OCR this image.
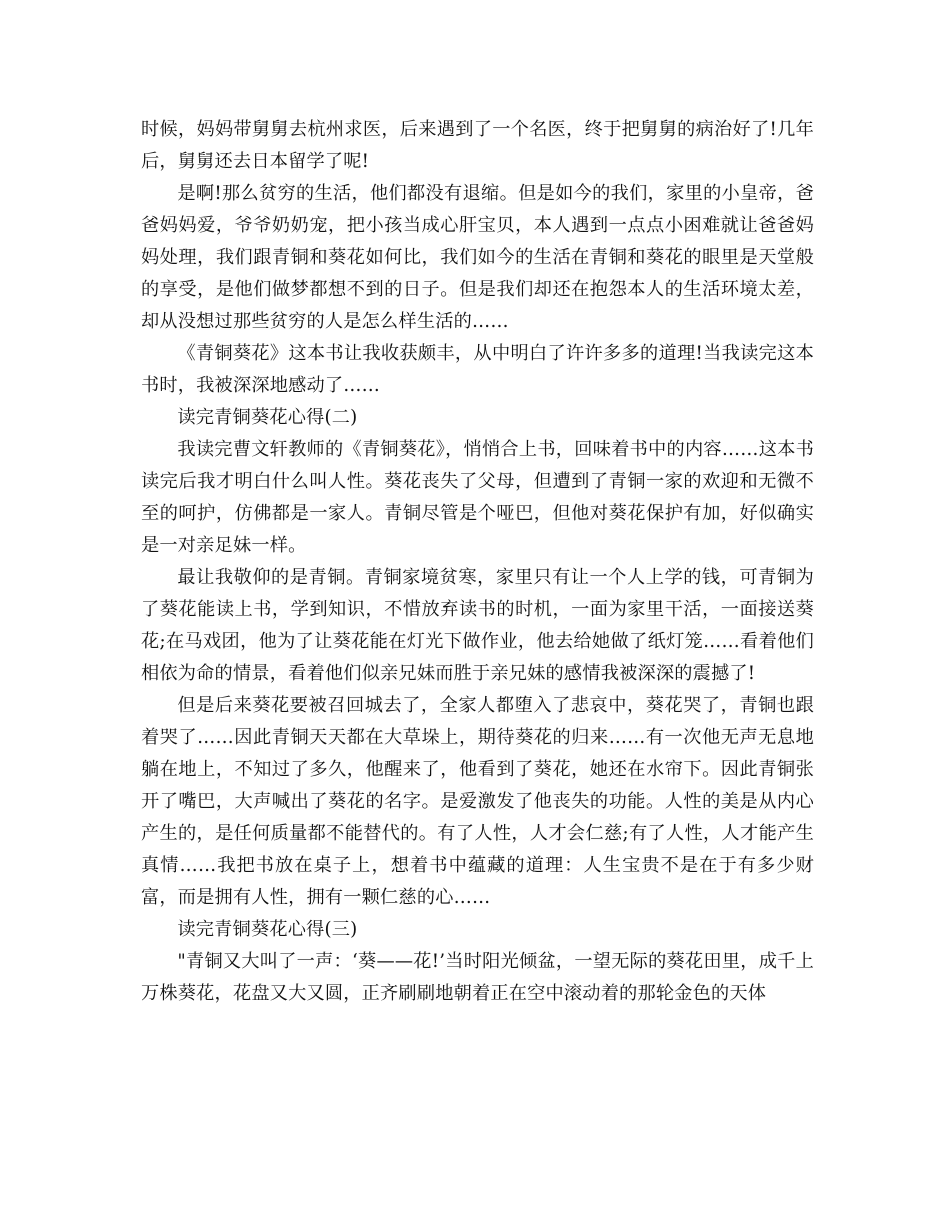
时候，妈妈带舅舅去杭州求医，后来遇到了一个名医，终于把舅舅的病治好了!几年后，舅舅还去日本留学了呢!

是啊!那么贫穷的生活，他们都没有退缩。但是如今的我们，家里的小皇帝，爸爸妈妈爱，爷爷奶奶宠，把小孩当成心肝宝贝，本人遇到一点点小困难就让爸爸妈妈处理，我们跟青铜和葵花如何比，我们如今的生活在青铜和葵花的眼里是天堂般的享受，是他们做梦都想不到的日子。但是我们却还在抱怨本人的生活环境太差，却从没想过那些贫穷的人是怎么样生活的……

《青铜葵花》这本书让我收获颇丰，从中明白了许许多多的道理!当我读完这本书时，我被深深地感动了……

读完青铜葵花心得(二)

我读完曹文轩教师的《青铜葵花》，悄悄合上书，回味着书中的内容……这本书读完后我才明白什么叫人性。葵花丧失了父母，但遭到了青铜一家的欢迎和无微不至的呵护，仿佛都是一家人。青铜尽管是个哑巴，但他对葵花保护有加，好似确实是一对亲足妹一样。

最让我敬仰的是青铜。青铜家境贫寒，家里只有让一个人上学的钱，可青铜为了葵花能读上书，学到知识，不惜放弃读书的时机，一面为家里干活，一面接送葵花;在马戏团，他为了让葵花能在灯光下做作业，他去给她做了纸灯笼……看着他们相依为命的情景，看着他们似亲兄妹而胜于亲兄妹的感情我被深深的震撼了!

但是后来葵花要被召回城去了，全家人都堕入了悲哀中，葵花哭了，青铜也跟着哭了……因此青铜天天都在大草垛上，期待葵花的归来……有一次他无声无息地躺在地上，不知过了多久，他醒来了，他看到了葵花，她还在水帘下。因此青铜张开了嘴巴，大声喊出了葵花的名字。是爱激发了他丧失的功能。人性的美是从内心产生的，是任何质量都不能替代的。有了人性，人才会仁慈;有了人性，人才能产生真情……我把书放在桌子上，想着书中蕴藏的道理：人生宝贵不是在于有多少财富，而是拥有人性，拥有一颗仁慈的心……

读完青铜葵花心得(三)

"青铜又大叫了一声：‘葵——花!’当时阳光倾盆，一望无际的葵花田里，成千上万株葵花，花盘又大又圆，正齐刷刷地朝着正在空中滚动着的那轮金色的天体
